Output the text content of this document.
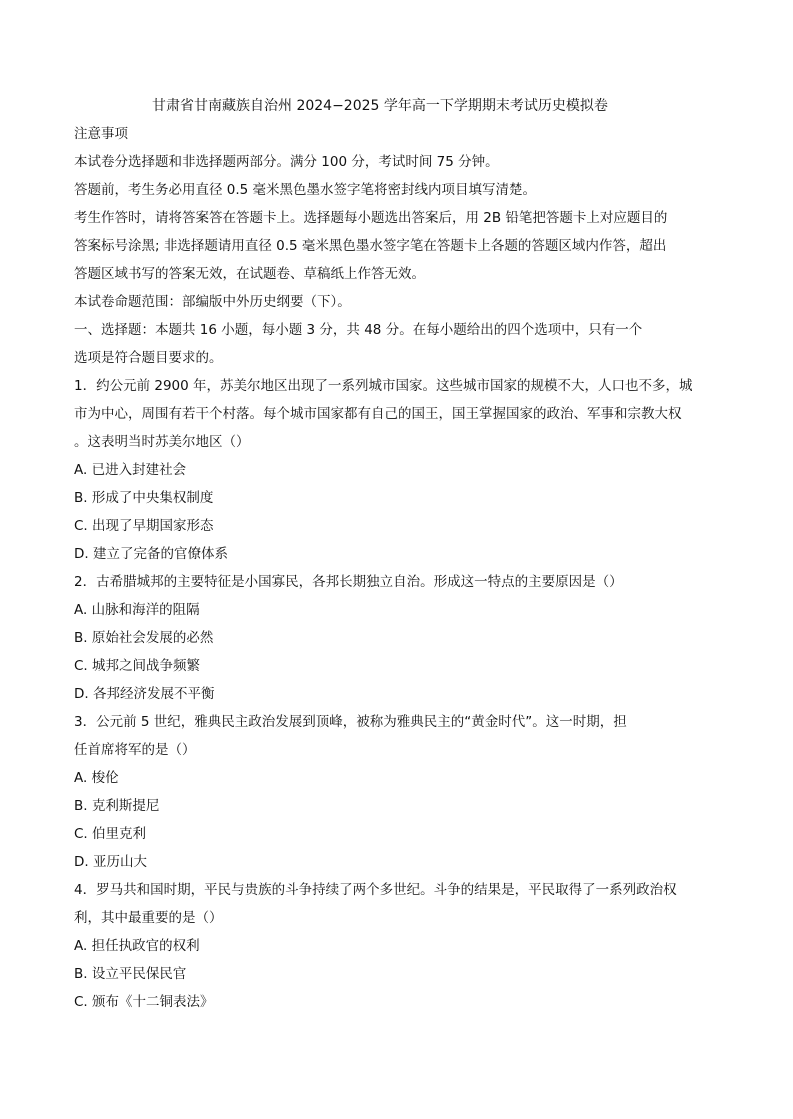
甘肃省甘南藏族自治州 2024−2025 学年高一下学期期末考试历史模拟卷
注意事项
本试卷分选择题和非选择题两部分。满分 100 分，考试时间 75 分钟。
答题前，考生务必用直径 0.5 毫米黑色墨水签字笔将密封线内项目填写清楚。
考生作答时，请将答案答在答题卡上。选择题每小题选出答案后，用 2B 铅笔把答题卡上对应题目的
答案标号涂黑; 非选择题请用直径 0.5 毫米黑色墨水签字笔在答题卡上各题的答题区域内作答，超出
答题区域书写的答案无效，在试题卷、草稿纸上作答无效。
本试卷命题范围：部编版中外历史纲要（下）。
一、选择题：本题共 16 小题，每小题 3 分，共 48 分。在每小题给出的四个选项中，只有一个
选项是符合题目要求的。
1．约公元前 2900 年，苏美尔地区出现了一系列城市国家。这些城市国家的规模不大，人口也不多，城
市为中心，周围有若干个村落。每个城市国家都有自己的国王，国王掌握国家的政治、军事和宗教大权
。这表明当时苏美尔地区（）
A. 已进入封建社会
B. 形成了中央集权制度
C. 出现了早期国家形态
D. 建立了完备的官僚体系
2．古希腊城邦的主要特征是小国寡民，各邦长期独立自治。形成这一特点的主要原因是（）
A. 山脉和海洋的阻隔
B. 原始社会发展的必然
C. 城邦之间战争频繁
D. 各邦经济发展不平衡
3．公元前 5 世纪，雅典民主政治发展到顶峰，被称为雅典民主的“黄金时代”。这一时期，担
任首席将军的是（）
A. 梭伦
B. 克利斯提尼
C. 伯里克利
D. 亚历山大
4．罗马共和国时期，平民与贵族的斗争持续了两个多世纪。斗争的结果是，平民取得了一系列政治权
利，其中最重要的是（）
A. 担任执政官的权利
B. 设立平民保民官
C. 颁布《十二铜表法》
